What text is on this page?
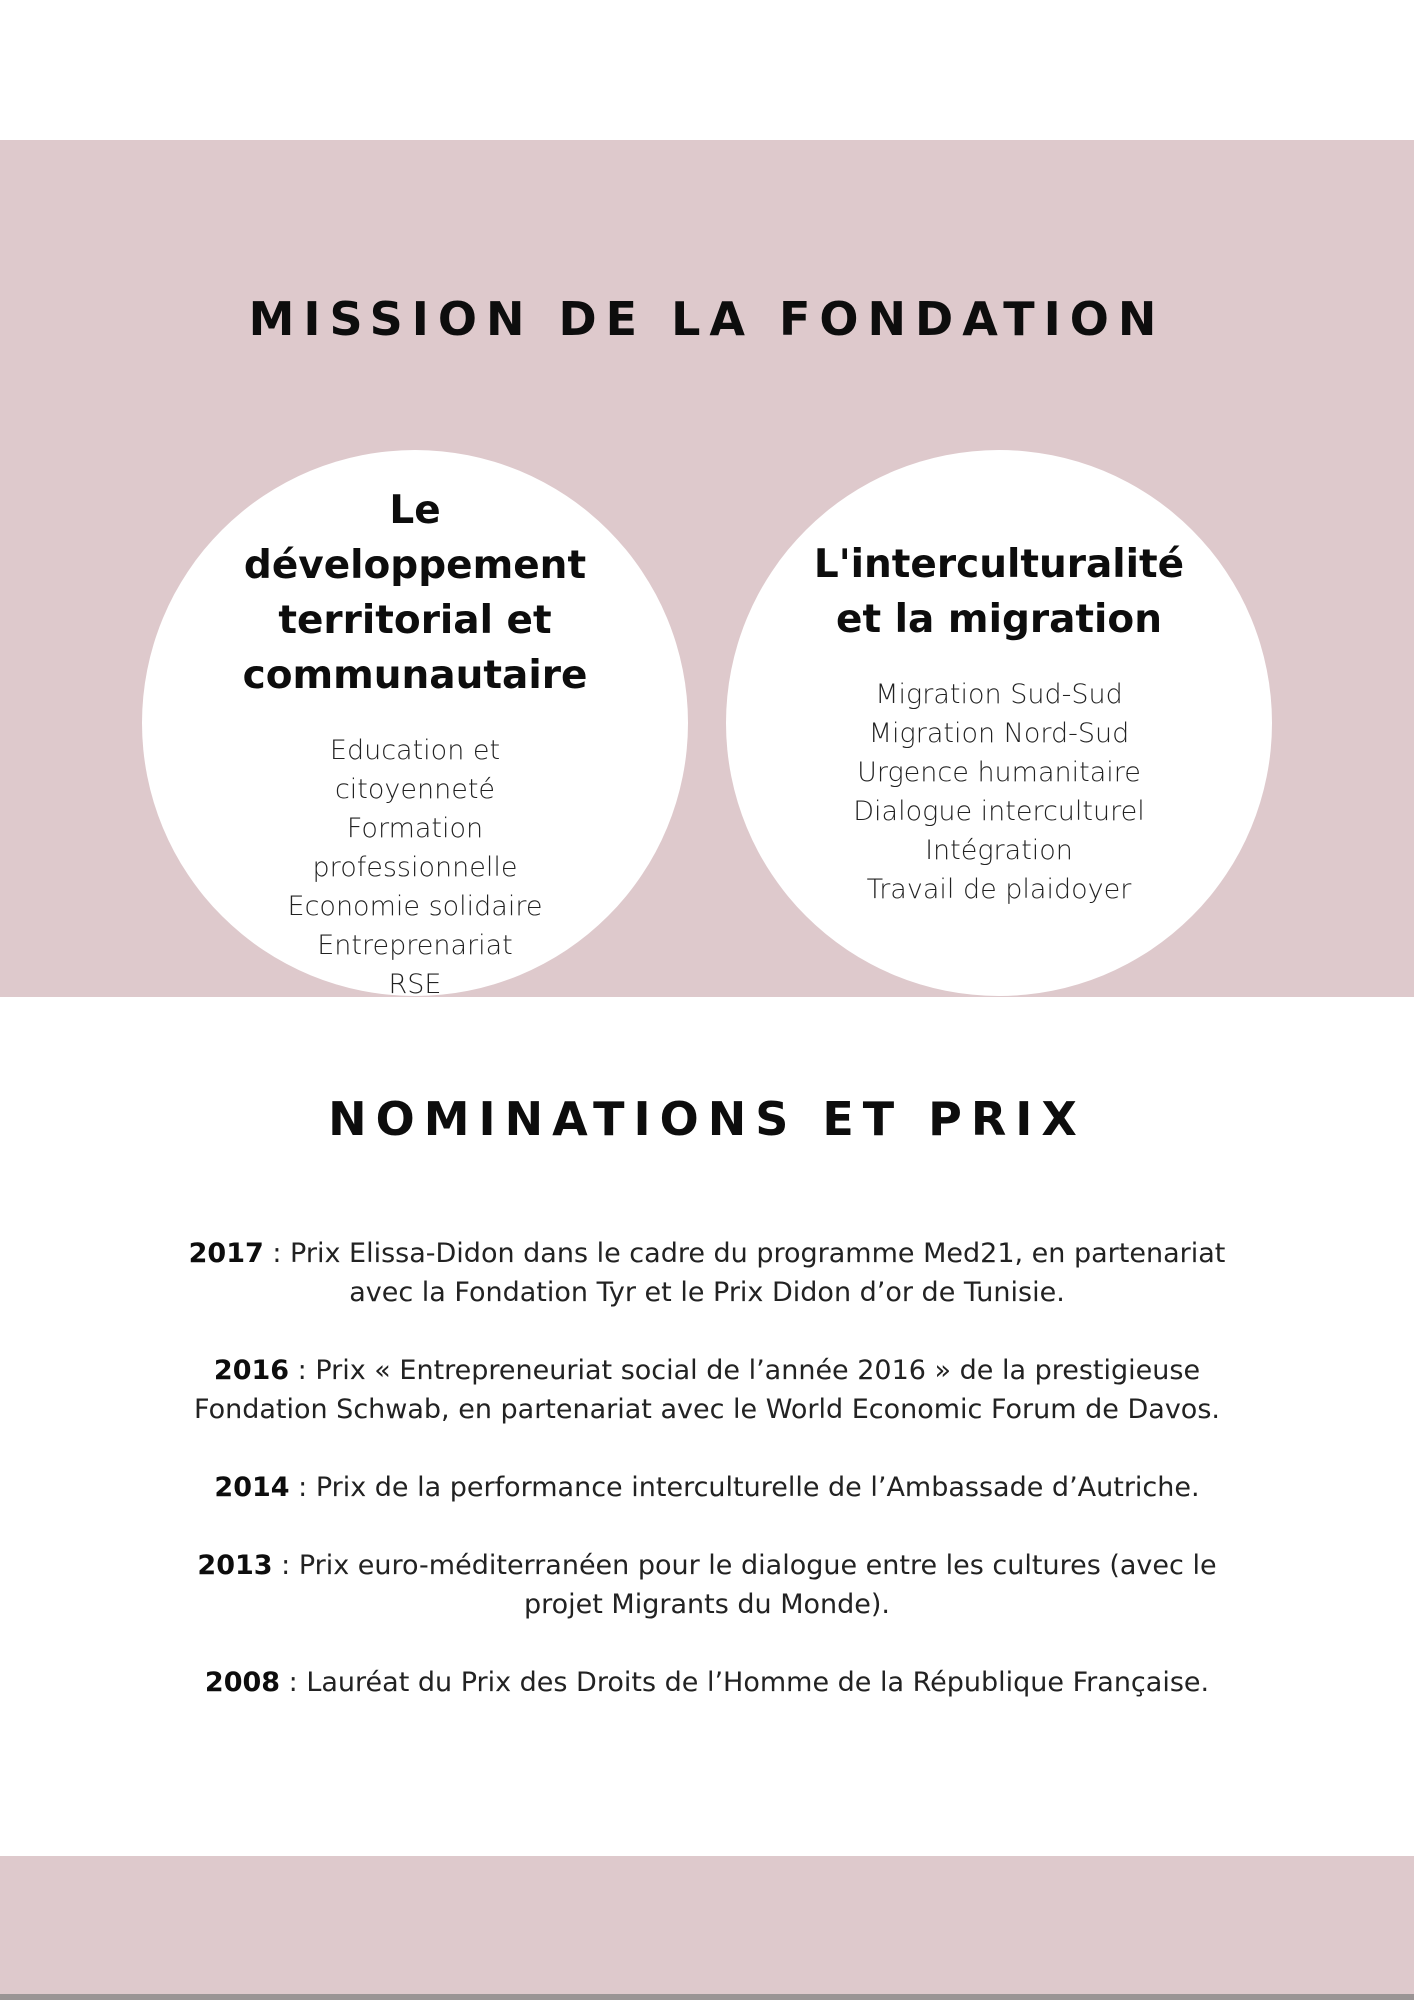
MISSION DE LA FONDATION
Le développement territorial et communautaire
Education et citoyenneté
Formation professionnelle
Economie solidaire
Entreprenariat
RSE
L'interculturalité et la migration
Migration Sud-Sud
Migration Nord-Sud
Urgence humanitaire
Dialogue interculturel
Intégration
Travail de plaidoyer
NOMINATIONS ET PRIX
2017 : Prix Elissa-Didon dans le cadre du programme Med21, en partenariat avec la Fondation Tyr et le Prix Didon d’or de Tunisie.
2016 : Prix « Entrepreneuriat social de l’année 2016 » de la prestigieuse Fondation Schwab, en partenariat avec le World Economic Forum de Davos.
2014 : Prix de la performance interculturelle de l’Ambassade d’Autriche.
2013 : Prix euro-méditerranéen pour le dialogue entre les cultures (avec le projet Migrants du Monde).
2008 : Lauréat du Prix des Droits de l’Homme de la République Française.
